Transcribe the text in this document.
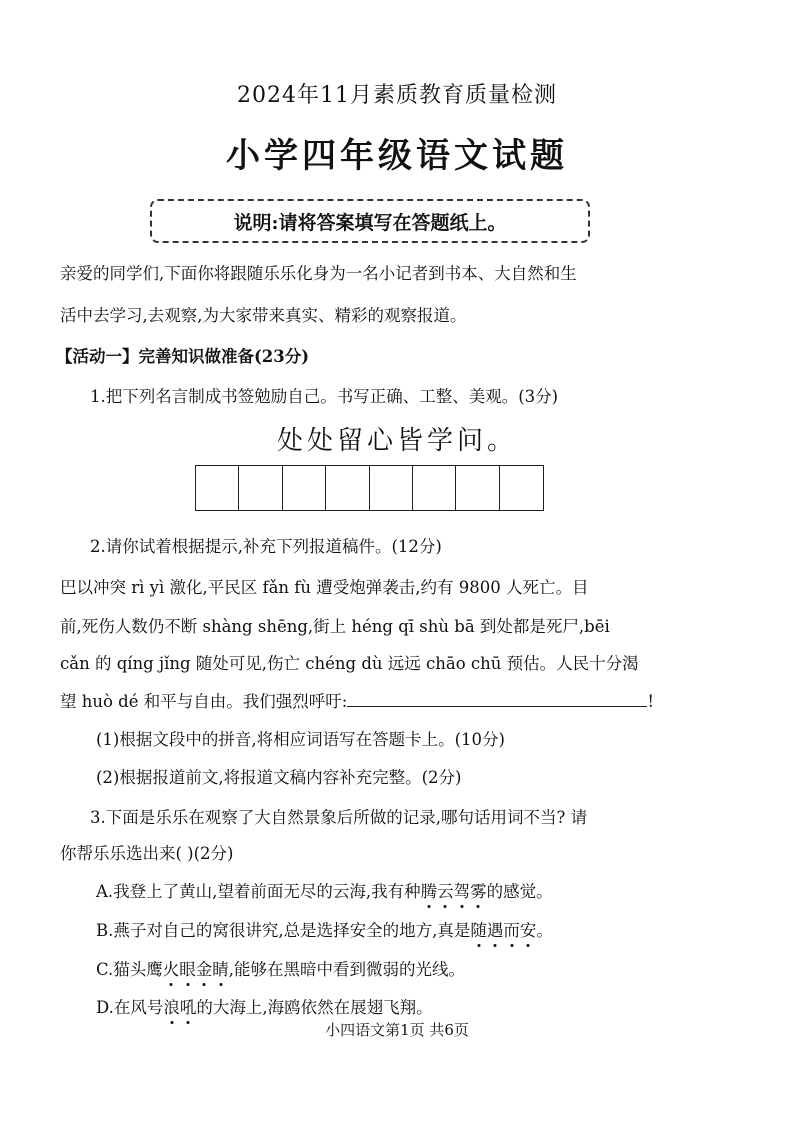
2024年11月素质教育质量检测
小学四年级语文试题
说明:请将答案填写在答题纸上。
亲爱的同学们,下面你将跟随乐乐化身为一名小记者到书本、大自然和生
活中去学习,去观察,为大家带来真实、精彩的观察报道。
【活动一】完善知识做准备(23分)
1.把下列名言制成书签勉励自己。书写正确、工整、美观。(3分)
处处留心皆学问。
2.请你试着根据提示,补充下列报道稿件。(12分)
巴以冲突 rì yì 激化,平民区 fǎn fù 遭受炮弹袭击,约有 9800 人死亡。目
前,死伤人数仍不断 shàng shēng,街上 héng qī shù bā 到处都是死尸,bēi
cǎn 的 qíng jǐng 随处可见,伤亡 chéng dù 远远 chāo chū 预估。人民十分渴
望 huò dé 和平与自由。我们强烈呼吁:	!
(1)根据文段中的拼音,将相应词语写在答题卡上。(10分)
(2)根据报道前文,将报道文稿内容补充完整。(2分)
3.下面是乐乐在观察了大自然景象后所做的记录,哪句话用词不当? 请
你帮乐乐选出来( )(2分)
A.我登上了黄山,望着前面无尽的云海,我有种腾云驾雾的感觉。
B.燕子对自己的窝很讲究,总是选择安全的地方,真是随遇而安。
C.猫头鹰火眼金睛,能够在黑暗中看到微弱的光线。
D.在风号浪吼的大海上,海鸥依然在展翅飞翔。
小四语文第1页 共6页
